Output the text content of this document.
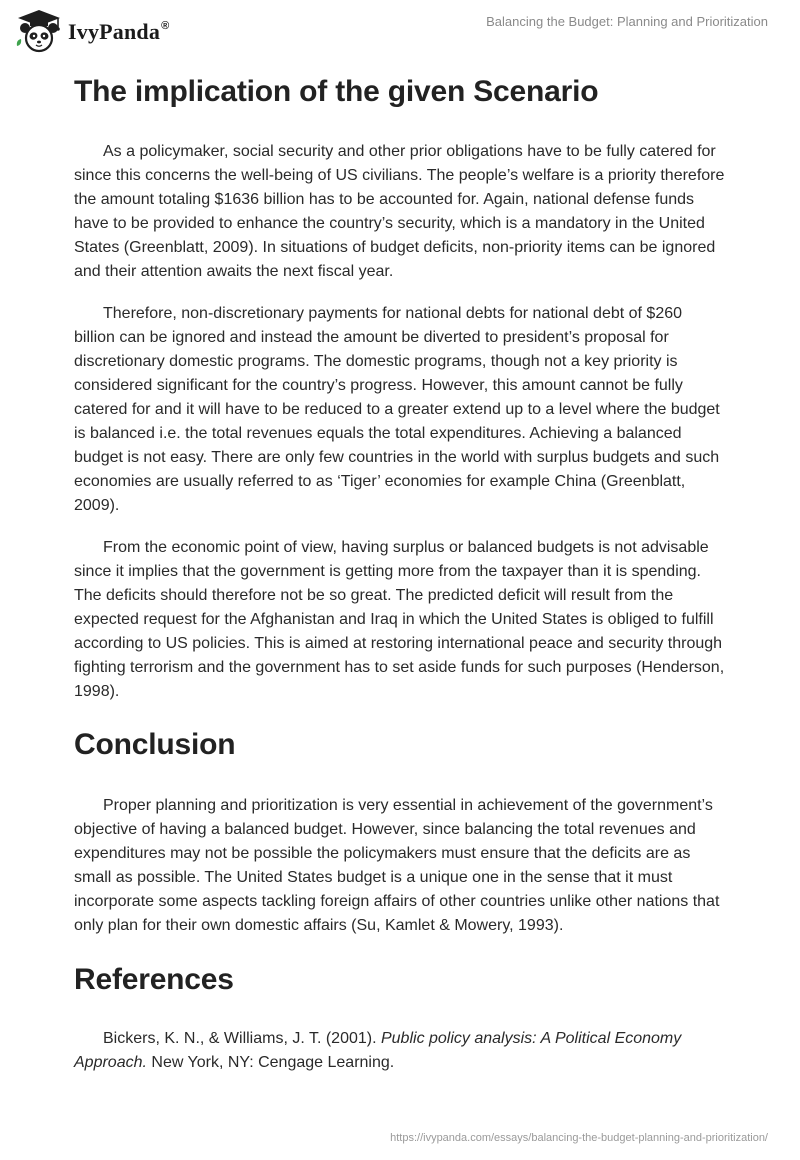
IvyPanda®	Balancing the Budget: Planning and Prioritization
The implication of the given Scenario

As a policymaker, social security and other prior obligations have to be fully catered for since this concerns the well-being of US civilians. The people’s welfare is a priority therefore the amount totaling $1636 billion has to be accounted for. Again, national defense funds have to be provided to enhance the country’s security, which is a mandatory in the United States (Greenblatt, 2009). In situations of budget deficits, non-priority items can be ignored and their attention awaits the next fiscal year.

Therefore, non-discretionary payments for national debts for national debt of $260 billion can be ignored and instead the amount be diverted to president’s proposal for discretionary domestic programs. The domestic programs, though not a key priority is considered significant for the country’s progress. However, this amount cannot be fully catered for and it will have to be reduced to a greater extend up to a level where the budget is balanced i.e. the total revenues equals the total expenditures. Achieving a balanced budget is not easy. There are only few countries in the world with surplus budgets and such economies are usually referred to as ‘Tiger’ economies for example China (Greenblatt, 2009).

From the economic point of view, having surplus or balanced budgets is not advisable since it implies that the government is getting more from the taxpayer than it is spending. The deficits should therefore not be so great. The predicted deficit will result from the expected request for the Afghanistan and Iraq in which the United States is obliged to fulfill according to US policies. This is aimed at restoring international peace and security through fighting terrorism and the government has to set aside funds for such purposes (Henderson, 1998).

Conclusion

Proper planning and prioritization is very essential in achievement of the government’s objective of having a balanced budget. However, since balancing the total revenues and expenditures may not be possible the policymakers must ensure that the deficits are as small as possible. The United States budget is a unique one in the sense that it must incorporate some aspects tackling foreign affairs of other countries unlike other nations that only plan for their own domestic affairs (Su, Kamlet & Mowery, 1993).

References

Bickers, K. N., & Williams, J. T. (2001). Public policy analysis: A Political Economy Approach. New York, NY: Cengage Learning.

https://ivypanda.com/essays/balancing-the-budget-planning-and-prioritization/
